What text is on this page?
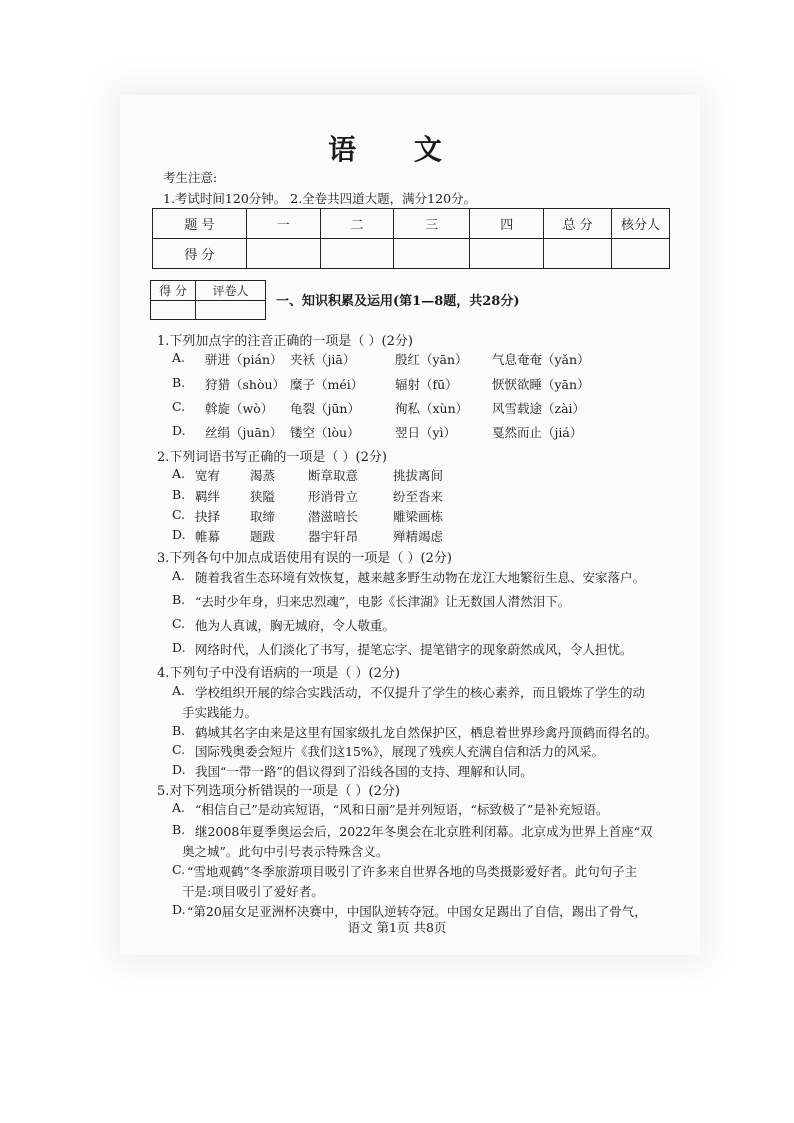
语 文
考生注意:
1.考试时间120分钟。 2.全卷共四道大题，满分120分。
题 号	一	二	三	四	总 分	核分人
得 分						
得 分	评卷人

一、知识积累及运用(第1—8题，共28分)
1.下列加点字的注音正确的一项是（ ）(2分)
A. 骈进（pián） 夹袄（jiā）	殷红（yān） 气息奄奄（yǎn）
B. 狩猎（shòu） 糜子（méi）	辐射（fū）	恹恹欲睡（yān）
C. 斡旋（wò） 龟裂（jūn）	徇私（xùn） 风雪载途（zài）
D. 丝绢（juān） 镂空（lòu）	翌日（yì）	戛然而止（jiá）
2.下列词语书写正确的一项是（ ）(2分)
A. 宽宥 渴蒸	断章取意	挑拔离间
B. 羁绊 狭隘	形消骨立	纷至沓来
C. 抉择 取缔	潜滋暗长	雕梁画栋
D. 帷幕 题跋	器宇轩昂	殚精竭虑
3.下列各句中加点成语使用有误的一项是（ ）(2分)
A. 随着我省生态环境有效恢复，越来越多野生动物在龙江大地繁衍生息、安家落户。
B. “去时少年身，归来忠烈魂”，电影《长津湖》让无数国人潸然泪下。
C. 他为人真诚，胸无城府，令人敬重。
D. 网络时代，人们淡化了书写，提笔忘字、提笔错字的现象蔚然成风，令人担忧。
4.下列句子中没有语病的一项是（ ）(2分)
A. 学校组织开展的综合实践活动，不仅提升了学生的核心素养，而且锻炼了学生的动
手实践能力。
B. 鹤城其名字由来是这里有国家级扎龙自然保护区，栖息着世界珍禽丹顶鹤而得名的。
C. 国际残奥委会短片《我们这15%》，展现了残疾人充满自信和活力的风采。
D. 我国“一带一路”的倡议得到了沿线各国的支持、理解和认同。
5.对下列选项分析错误的一项是（ ）(2分)
A. “相信自己”是动宾短语，“风和日丽”是并列短语，“标致极了”是补充短语。
B. 继2008年夏季奥运会后，2022年冬奥会在北京胜利闭幕。北京成为世界上首座“双
奥之城”。此句中引号表示特殊含义。
C. “雪地观鹤”冬季旅游项目吸引了许多来自世界各地的鸟类摄影爱好者。此句句子主
干是:项目吸引了爱好者。
D. “第20届女足亚洲杯决赛中，中国队逆转夺冠。中国女足踢出了自信，踢出了骨气，
语文 第1页 共8页
